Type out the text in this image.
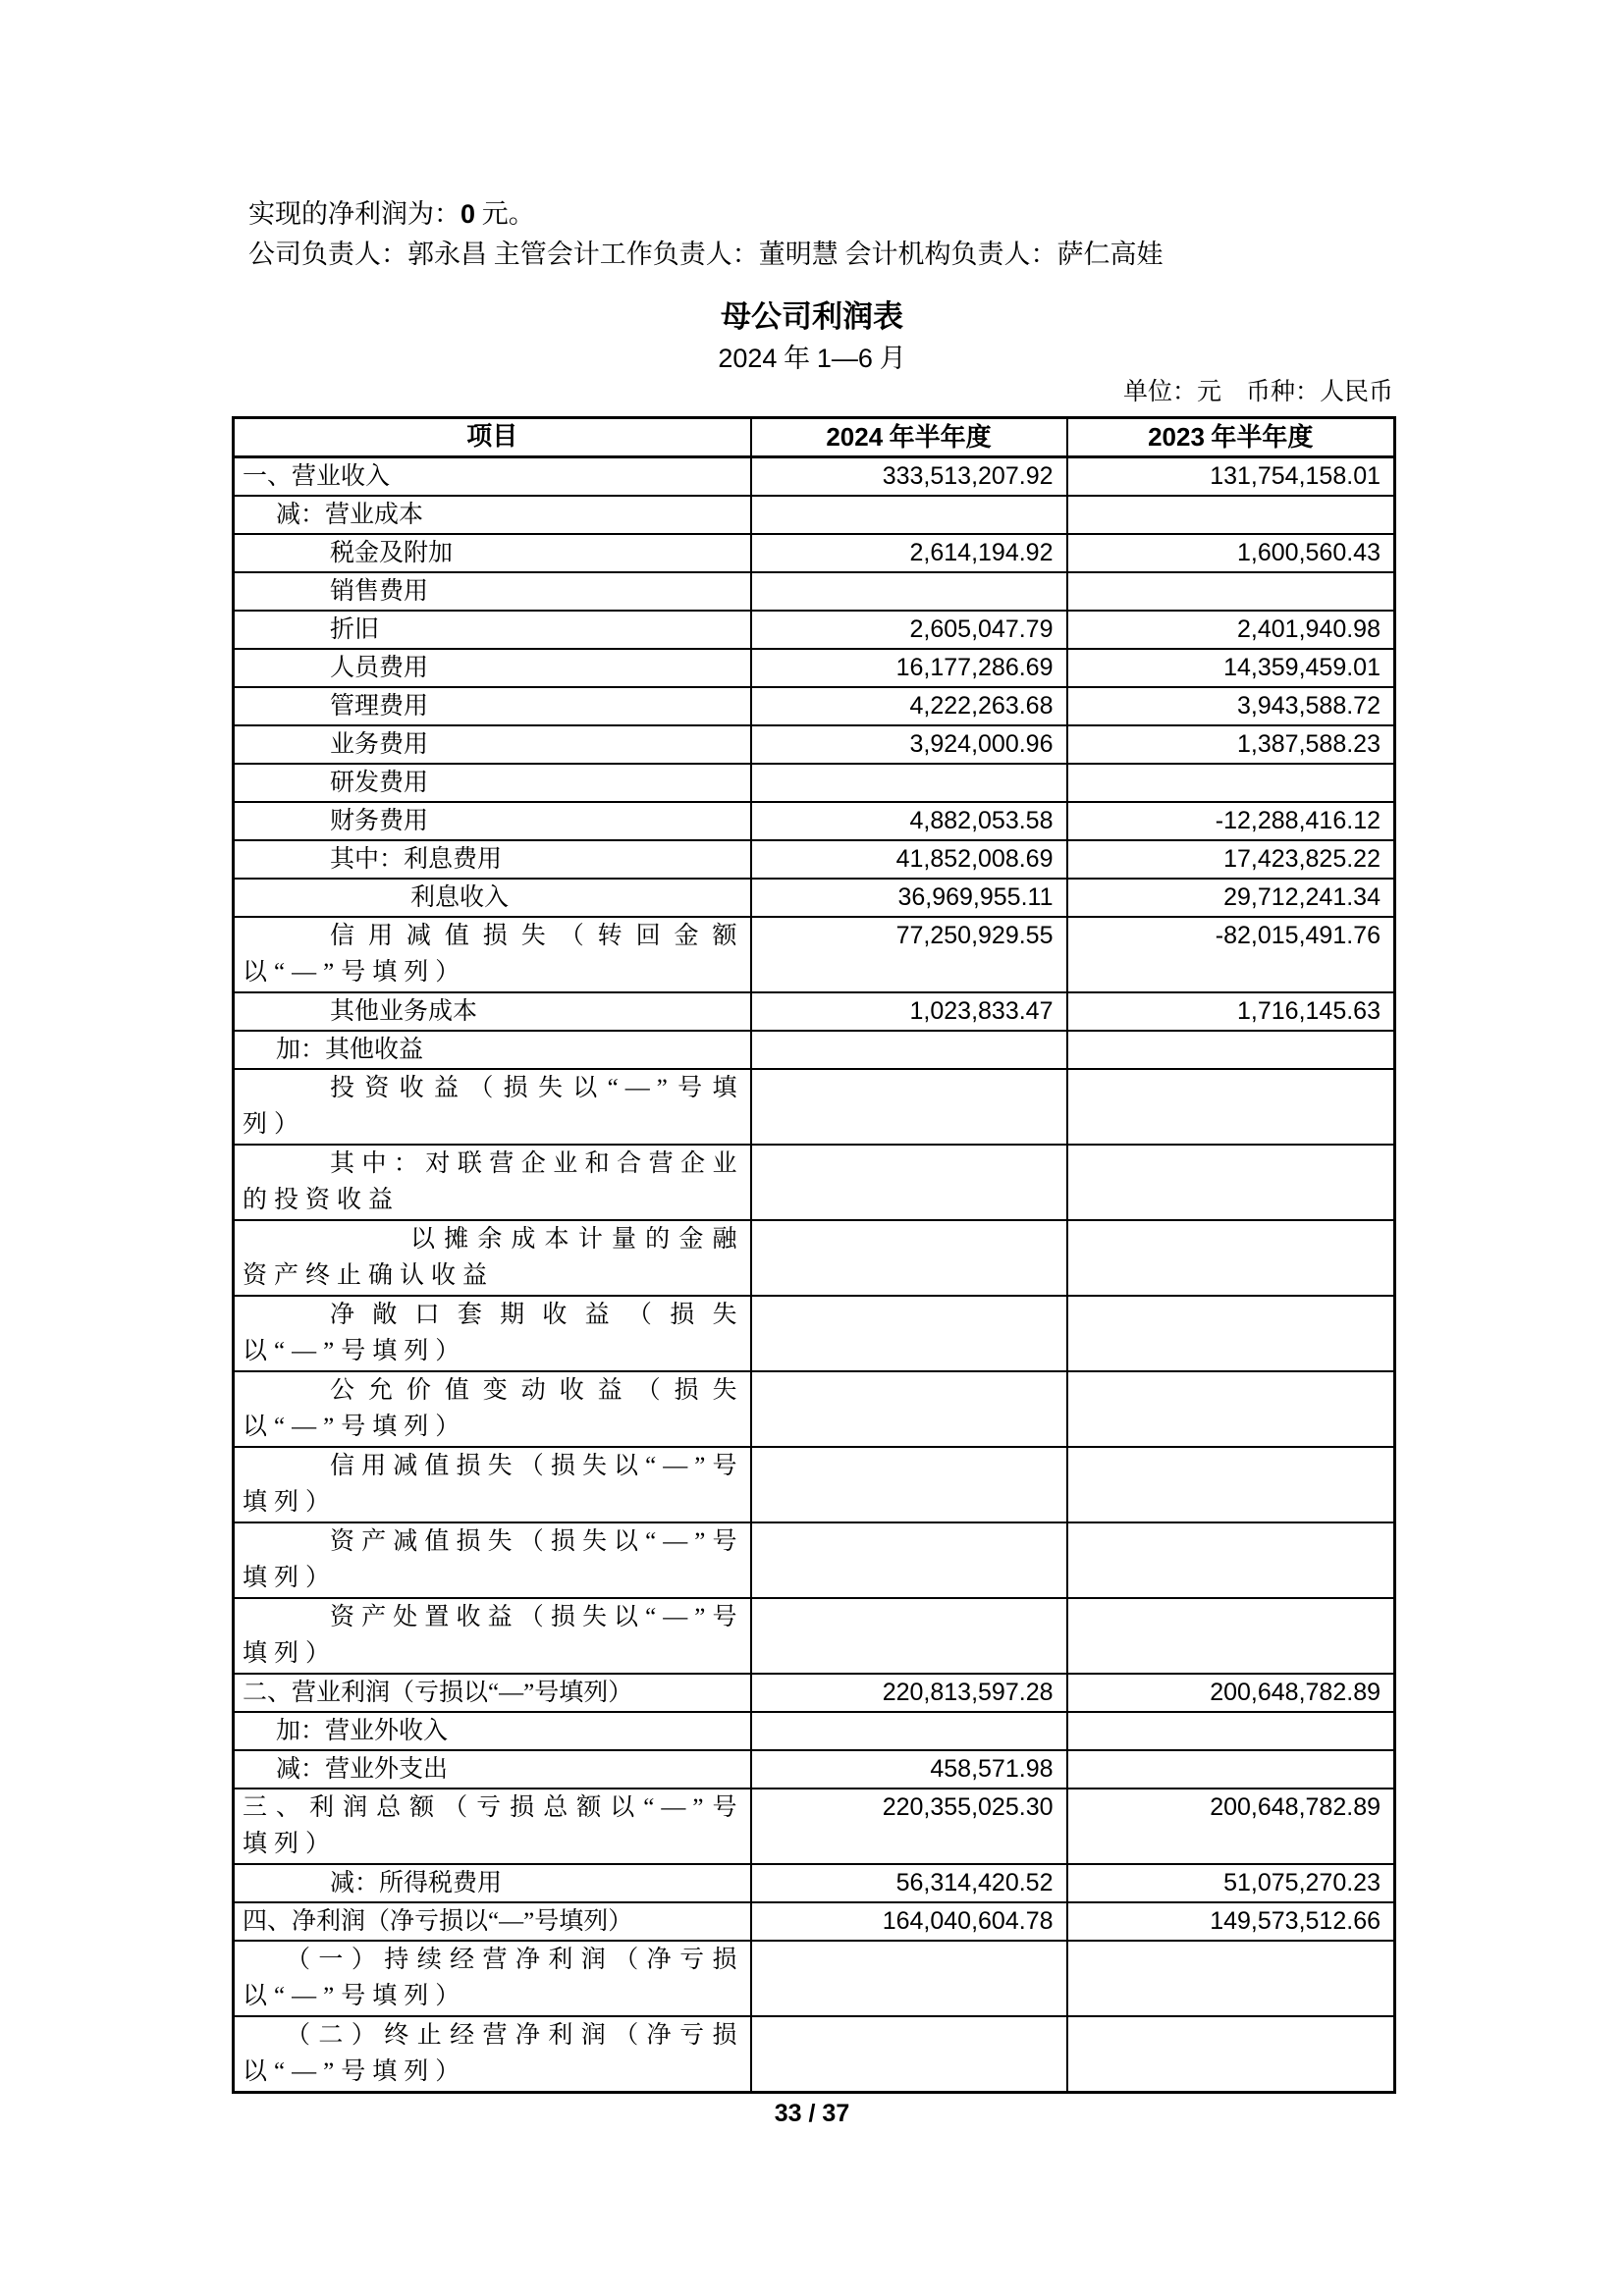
实现的净利润为：0 元。
公司负责人：郭永昌 主管会计工作负责人：董明慧 会计机构负责人：萨仁高娃
母公司利润表
2024 年 1—6 月
单位：元　币种：人民币
项目	2024 年半年度	2023 年半年度
一、营业收入	333,513,207.92	131,754,158.01
减：营业成本		
税金及附加	2,614,194.92	1,600,560.43
销售费用		
折旧	2,605,047.79	2,401,940.98
人员费用	16,177,286.69	14,359,459.01
管理费用	4,222,263.68	3,943,588.72
业务费用	3,924,000.96	1,387,588.23
研发费用		
财务费用	4,882,053.58	-12,288,416.12
其中：利息费用	41,852,008.69	17,423,825.22
利息收入	36,969,955.11	29,712,241.34
信用减值损失（转回金额以“—”号填列）	77,250,929.55	-82,015,491.76
其他业务成本	1,023,833.47	1,716,145.63
加：其他收益		
投资收益（损失以“—”号填列）		
其中：对联营企业和合营企业的投资收益		
以摊余成本计量的金融资产终止确认收益		
净敞口套期收益（损失以“—”号填列）		
公允价值变动收益（损失以“—”号填列）		
信用减值损失（损失以“—”号填列）		
资产减值损失（损失以“—”号填列）		
资产处置收益（损失以“—”号填列）		
二、营业利润（亏损以“—”号填列）	220,813,597.28	200,648,782.89
加：营业外收入		
减：营业外支出	458,571.98	
三、利润总额（亏损总额以“—”号填列）	220,355,025.30	200,648,782.89
减：所得税费用	56,314,420.52	51,075,270.23
四、净利润（净亏损以“—”号填列）	164,040,604.78	149,573,512.66
（一）持续经营净利润（净亏损以“—”号填列）		
（二）终止经营净利润（净亏损以“—”号填列）		
33 / 37
